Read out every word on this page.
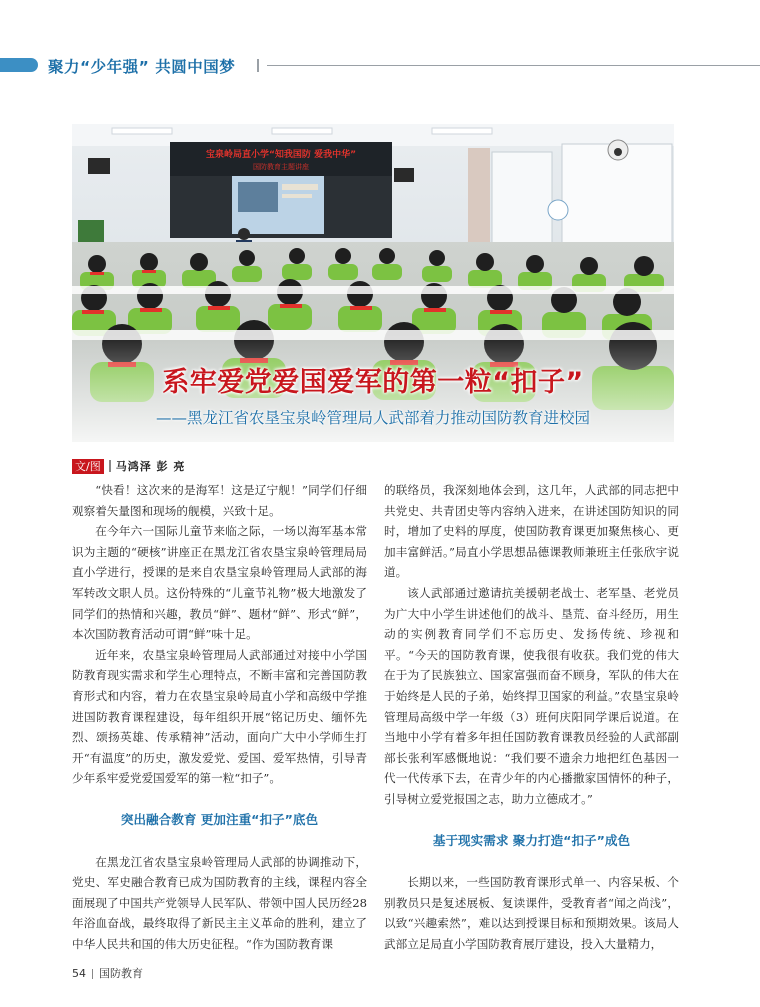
聚力“少年强” 共圆中国梦
宝泉岭局直小学“知我国防 爱我中华”
国防教育主题讲座
系牢爱党爱国爱军的第一粒“扣子”
——黑龙江省农垦宝泉岭管理局人武部着力推动国防教育进校园
文/图 马鸿泽 彭 亮

“快看！这次来的是海军！这是辽宁舰！”同学们仔细观察着矢量图和现场的舰模，兴致十足。

在今年六一国际儿童节来临之际，一场以海军基本常识为主题的“硬核”讲座正在黑龙江省农垦宝泉岭管理局局直小学进行，授课的是来自农垦宝泉岭管理局人武部的海军转改文职人员。这份特殊的“儿童节礼物”极大地激发了同学们的热情和兴趣，教员“鲜”、题材“鲜”、形式“鲜”，本次国防教育活动可谓“鲜”味十足。

近年来，农垦宝泉岭管理局人武部通过对接中小学国防教育现实需求和学生心理特点，不断丰富和完善国防教育形式和内容，着力在农垦宝泉岭局直小学和高级中学推进国防教育课程建设，每年组织开展“铭记历史、缅怀先烈、颂扬英雄、传承精神”活动，面向广大中小学师生打开“有温度”的历史，激发爱党、爱国、爱军热情，引导青少年系牢爱党爱国爱军的第一粒“扣子”。

突出融合教育 更加注重“扣子”底色

在黑龙江省农垦宝泉岭管理局人武部的协调推动下，党史、军史融合教育已成为国防教育的主线，课程内容全面展现了中国共产党领导人民军队、带领中国人民历经28年浴血奋战，最终取得了新民主主义革命的胜利，建立了中华人民共和国的伟大历史征程。“作为国防教育课

的联络员，我深刻地体会到，这几年，人武部的同志把中共党史、共青团史等内容纳入进来，在讲述国防知识的同时，增加了史料的厚度，使国防教育课更加聚焦核心、更加丰富鲜活。”局直小学思想品德课教师兼班主任张欣宇说道。

该人武部通过邀请抗美援朝老战士、老军垦、老党员为广大中小学生讲述他们的战斗、垦荒、奋斗经历，用生动的实例教育同学们不忘历史、发扬传统、珍视和平。“今天的国防教育课，使我很有收获。我们党的伟大在于为了民族独立、国家富强而奋不顾身，军队的伟大在于始终是人民的子弟，始终捍卫国家的利益。”农垦宝泉岭管理局高级中学一年级（3）班何庆阳同学课后说道。在当地中小学有着多年担任国防教育课教员经验的人武部副部长张利军感慨地说：“我们要不遗余力地把红色基因一代一代传承下去，在青少年的内心播撒家国情怀的种子，引导树立爱党报国之志，助力立德成才。”

基于现实需求 聚力打造“扣子”成色

长期以来，一些国防教育课形式单一、内容呆板、个别教员只是复述展板、复读课件，受教育者“闻之尚浅”，以致“兴趣索然”，难以达到授课目标和预期效果。该局人武部立足局直小学国防教育展厅建设，投入大量精力，

54 国防教育
